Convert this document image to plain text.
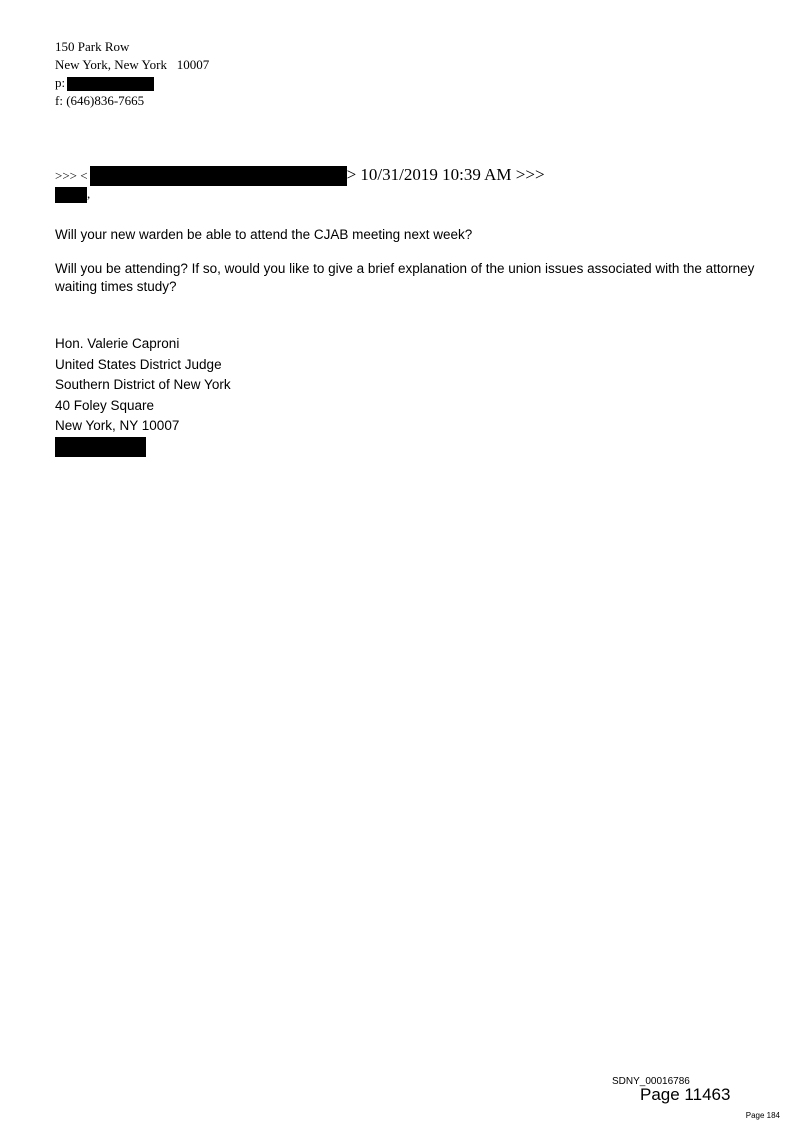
150 Park Row
New York, New York   10007
p:
f: (646)836-7665
>>> <	> 10/31/2019 10:39 AM >>>
,
Will your new warden be able to attend the CJAB meeting next week?
Will you be attending? If so, would you like to give a brief explanation of the union issues associated with the attorney waiting times study?
Hon. Valerie Caproni
United States District Judge
Southern District of New York
40 Foley Square
New York, NY 10007
SDNY_00016786
Page 11463
Page 184
